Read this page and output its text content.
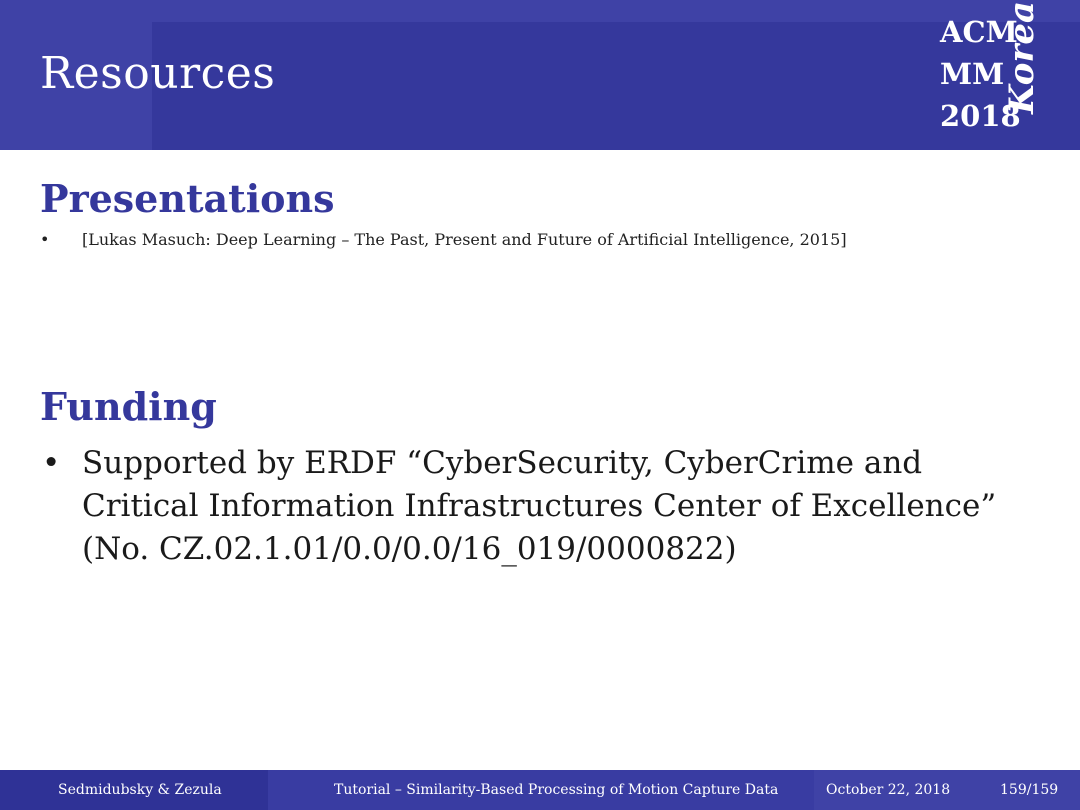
Resources
ACM
MM
2018
Korea
Presentations
• [Lukas Masuch: Deep Learning – The Past, Present and Future of Artificial Intelligence, 2015]
Funding
• Supported by ERDF “CyberSecurity, CyberCrime and Critical Information Infrastructures Center of Excellence” (No. CZ.02.1.01/0.0/0.0/16_019/0000822)
Sedmidubsky & Zezula	Tutorial – Similarity-Based Processing of Motion Capture Data	October 22, 2018	159/159
